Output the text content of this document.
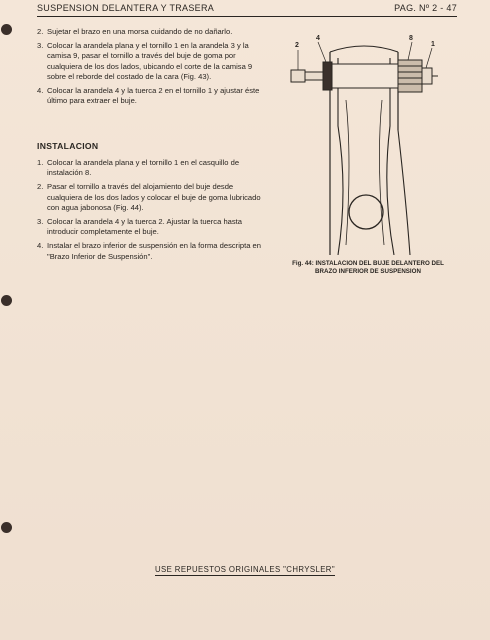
SUSPENSION DELANTERA Y TRASERA	PAG. Nº 2 - 47
2. Sujetar el brazo en una morsa cuidando de no dañarlo.
3. Colocar la arandela plana y el tornillo 1 en la arandela 3 y la camisa 9, pasar el tornillo a través del buje de goma por cualquiera de los dos lados, ubicando el corte de la camisa 9 sobre el reborde del costado de la cara (Fig. 43).
4. Colocar la arandela 4 y la tuerca 2 en el tornillo 1 y ajustar éste último para extraer el buje.
INSTALACION
1. Colocar la arandela plana y el tornillo 1 en el casquillo de instalación 8.
2. Pasar el tornillo a través del alojamiento del buje desde cualquiera de los dos lados y colocar el buje de goma lubricado con agua jabonosa (Fig. 44).
3. Colocar la arandela 4 y la tuerca 2. Ajustar la tuerca hasta introducir completamente el buje.
4. Instalar el brazo inferior de suspensión en la forma descripta en "Brazo Inferior de Suspensión".
2
4	8
1
Fig. 44: INSTALACION DEL BUJE DELANTERO DEL
BRAZO INFERIOR DE SUSPENSION
USE REPUESTOS ORIGINALES "CHRYSLER"
